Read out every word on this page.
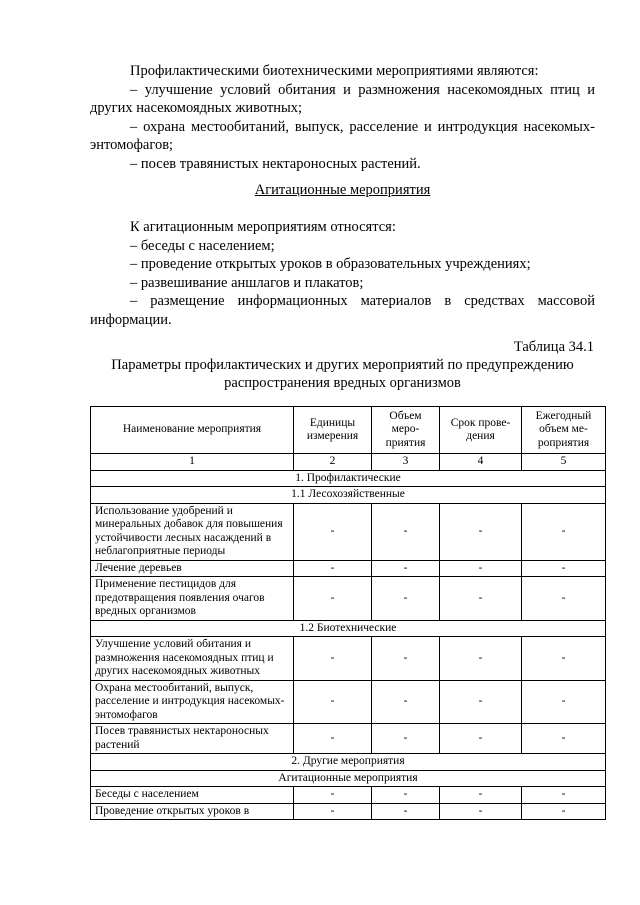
Профилактическими биотехническими мероприятиями являются:

– улучшение условий обитания и размножения насекомоядных птиц и других насекомоядных животных;

– охрана местообитаний, выпуск, расселение и интродукция насекомых-энтомофагов;

– посев травянистых нектароносных растений.

Агитационные мероприятия

К агитационным мероприятиям относятся:

– беседы с населением;

– проведение открытых уроков в образовательных учреждениях;

– развешивание аншлагов и плакатов;

– размещение информационных материалов в средствах массовой информации.

Таблица 34.1
Параметры профилактических и других мероприятий по предупреждению распространения вредных организмов
Наименование мероприятия	Единицы измерения	Объем меро-приятия	Срок прове-дения	Ежегодный объем ме-роприятия
1	2	3	4	5
1. Профилактические				
1.1 Лесохозяйственные				
Использование удобрений и минеральных добавок для повышения устойчивости лесных насаждений в неблагоприятные периоды	-	-	-	-
Лечение деревьев	-	-	-	-
Применение пестицидов для предотвращения появления очагов вредных организмов	-	-	-	-
1.2 Биотехнические				
Улучшение условий обитания и размножения насекомоядных птиц и других насекомоядных животных	-	-	-	-
Охрана местообитаний, выпуск, расселение и интродукция насекомых-энтомофагов	-	-	-	-
Посев травянистых нектароносных растений	-	-	-	-
2. Другие мероприятия				
Агитационные мероприятия				
Беседы с населением	-	-	-	-
Проведение открытых уроков в	-	-	-	-
